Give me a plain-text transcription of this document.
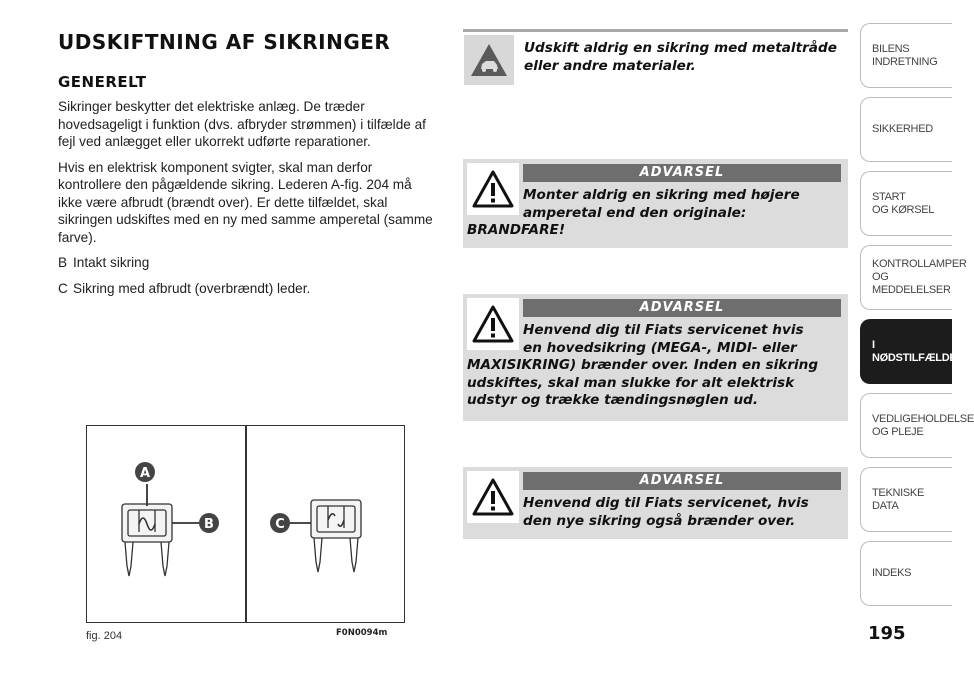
UDSKIFTNING AF SIKRINGER
GENERELT

Sikringer beskytter det elektriske anlæg. De træder hovedsageligt i funktion (dvs. afbryder strømmen) i tilfælde af fejl ved anlægget eller ukorrekt udførte reparationer.

Hvis en elektrisk komponent svigter, skal man derfor kontrollere den pågældende sikring. Lederen A-fig. 204 må ikke være afbrudt (brændt over). Er dette tilfældet, skal sikringen udskiftes med en ny med samme amperetal (samme farve).

B Intakt sikring
C Sikring med afbrudt (overbrændt) leder.
A
B	C
fig. 204	F0N0094m

Udskift aldrig en sikring med metaltråde eller andre materialer.

ADVARSEL

Monter aldrig en sikring med højere amperetal end den originale:

BRANDFARE!

ADVARSEL

Henvend dig til Fiats servicenet hvis en hovedsikring (MEGA-, MIDI- eller

MAXISIKRING) brænder over. Inden en sikring udskiftes, skal man slukke for alt elektrisk udstyr og trække tændingsnøglen ud.

ADVARSEL

Henvend dig til Fiats servicenet, hvis den nye sikring også brænder over.

BILENS
INDRETNING
SIKKERHED
START
OG KØRSEL
KONTROLLAMPER
OG MEDDELELSER
I NØDSTILFÆLDE
VEDLIGEHOLDELSE
OG PLEJE
TEKNISKE DATA
INDEKS
195
